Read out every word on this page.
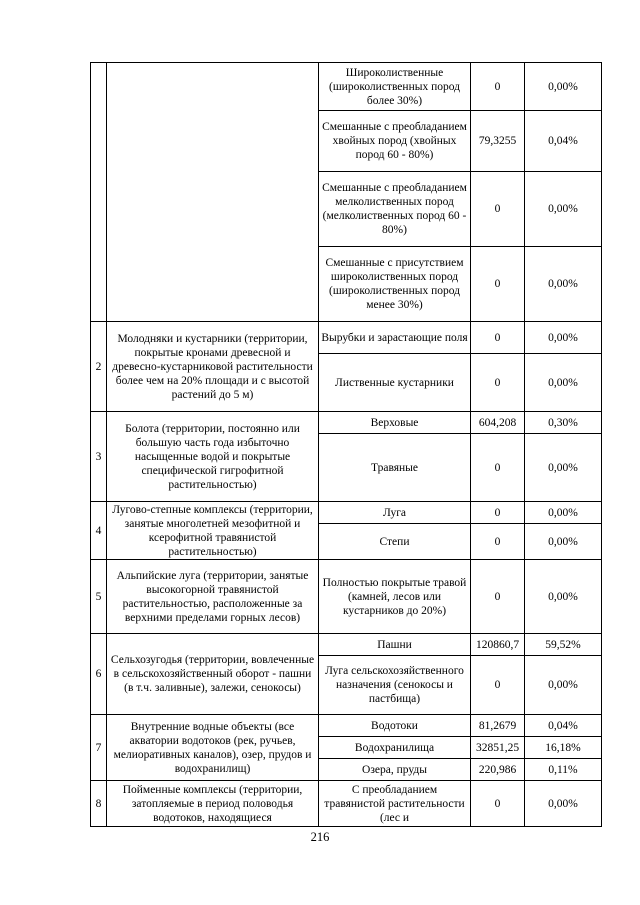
		Широколиственные (широколиственных пород более 30%)	0	0,00%
		Смешанные с преобладанием хвойных пород (хвойных пород 60 - 80%)	79,3255	0,04%
		Смешанные с преобладанием мелколиственных пород (мелколиственных пород 60 - 80%)	0	0,00%
		Смешанные с присутствием широколиственных пород (широколиственных пород менее 30%)	0	0,00%
2	Молодняки и кустарники (территории, покрытые кронами древесной и древесно-кустарниковой растительности более чем на 20% площади и с высотой растений до 5 м)	Вырубки и зарастающие поля	0	0,00%
		Лиственные кустарники	0	0,00%
3	Болота (территории, постоянно или большую часть года избыточно насыщенные водой и покрытые специфической гигрофитной растительностью)	Верховые	604,208	0,30%
		Травяные	0	0,00%
4	Лугово-степные комплексы (территории, занятые многолетней мезофитной и ксерофитной травянистой растительностью)	Луга	0	0,00%
		Степи	0	0,00%
5	Альпийские луга (территории, занятые высокогорной травянистой растительностью, расположенные за верхними пределами горных лесов)	Полностью покрытые травой (камней, лесов или кустарников до 20%)	0	0,00%
6	Сельхозугодья (территории, вовлеченные в сельскохозяйственный оборот - пашни (в т.ч. заливные), залежи, сенокосы)	Пашни	120860,7	59,52%
		Луга сельскохозяйственного назначения (сенокосы и пастбища)	0	0,00%
7	Внутренние водные объекты (все акватории водотоков (рек, ручьев, мелиоративных каналов), озер, прудов и водохранилищ)	Водотоки	81,2679	0,04%
		Водохранилища	32851,25	16,18%
		Озера, пруды	220,986	0,11%
8	Пойменные комплексы (территории, затопляемые в период половодья водотоков, находящиеся	С преобладанием травянистой растительности (лес и	0	0,00%
216
